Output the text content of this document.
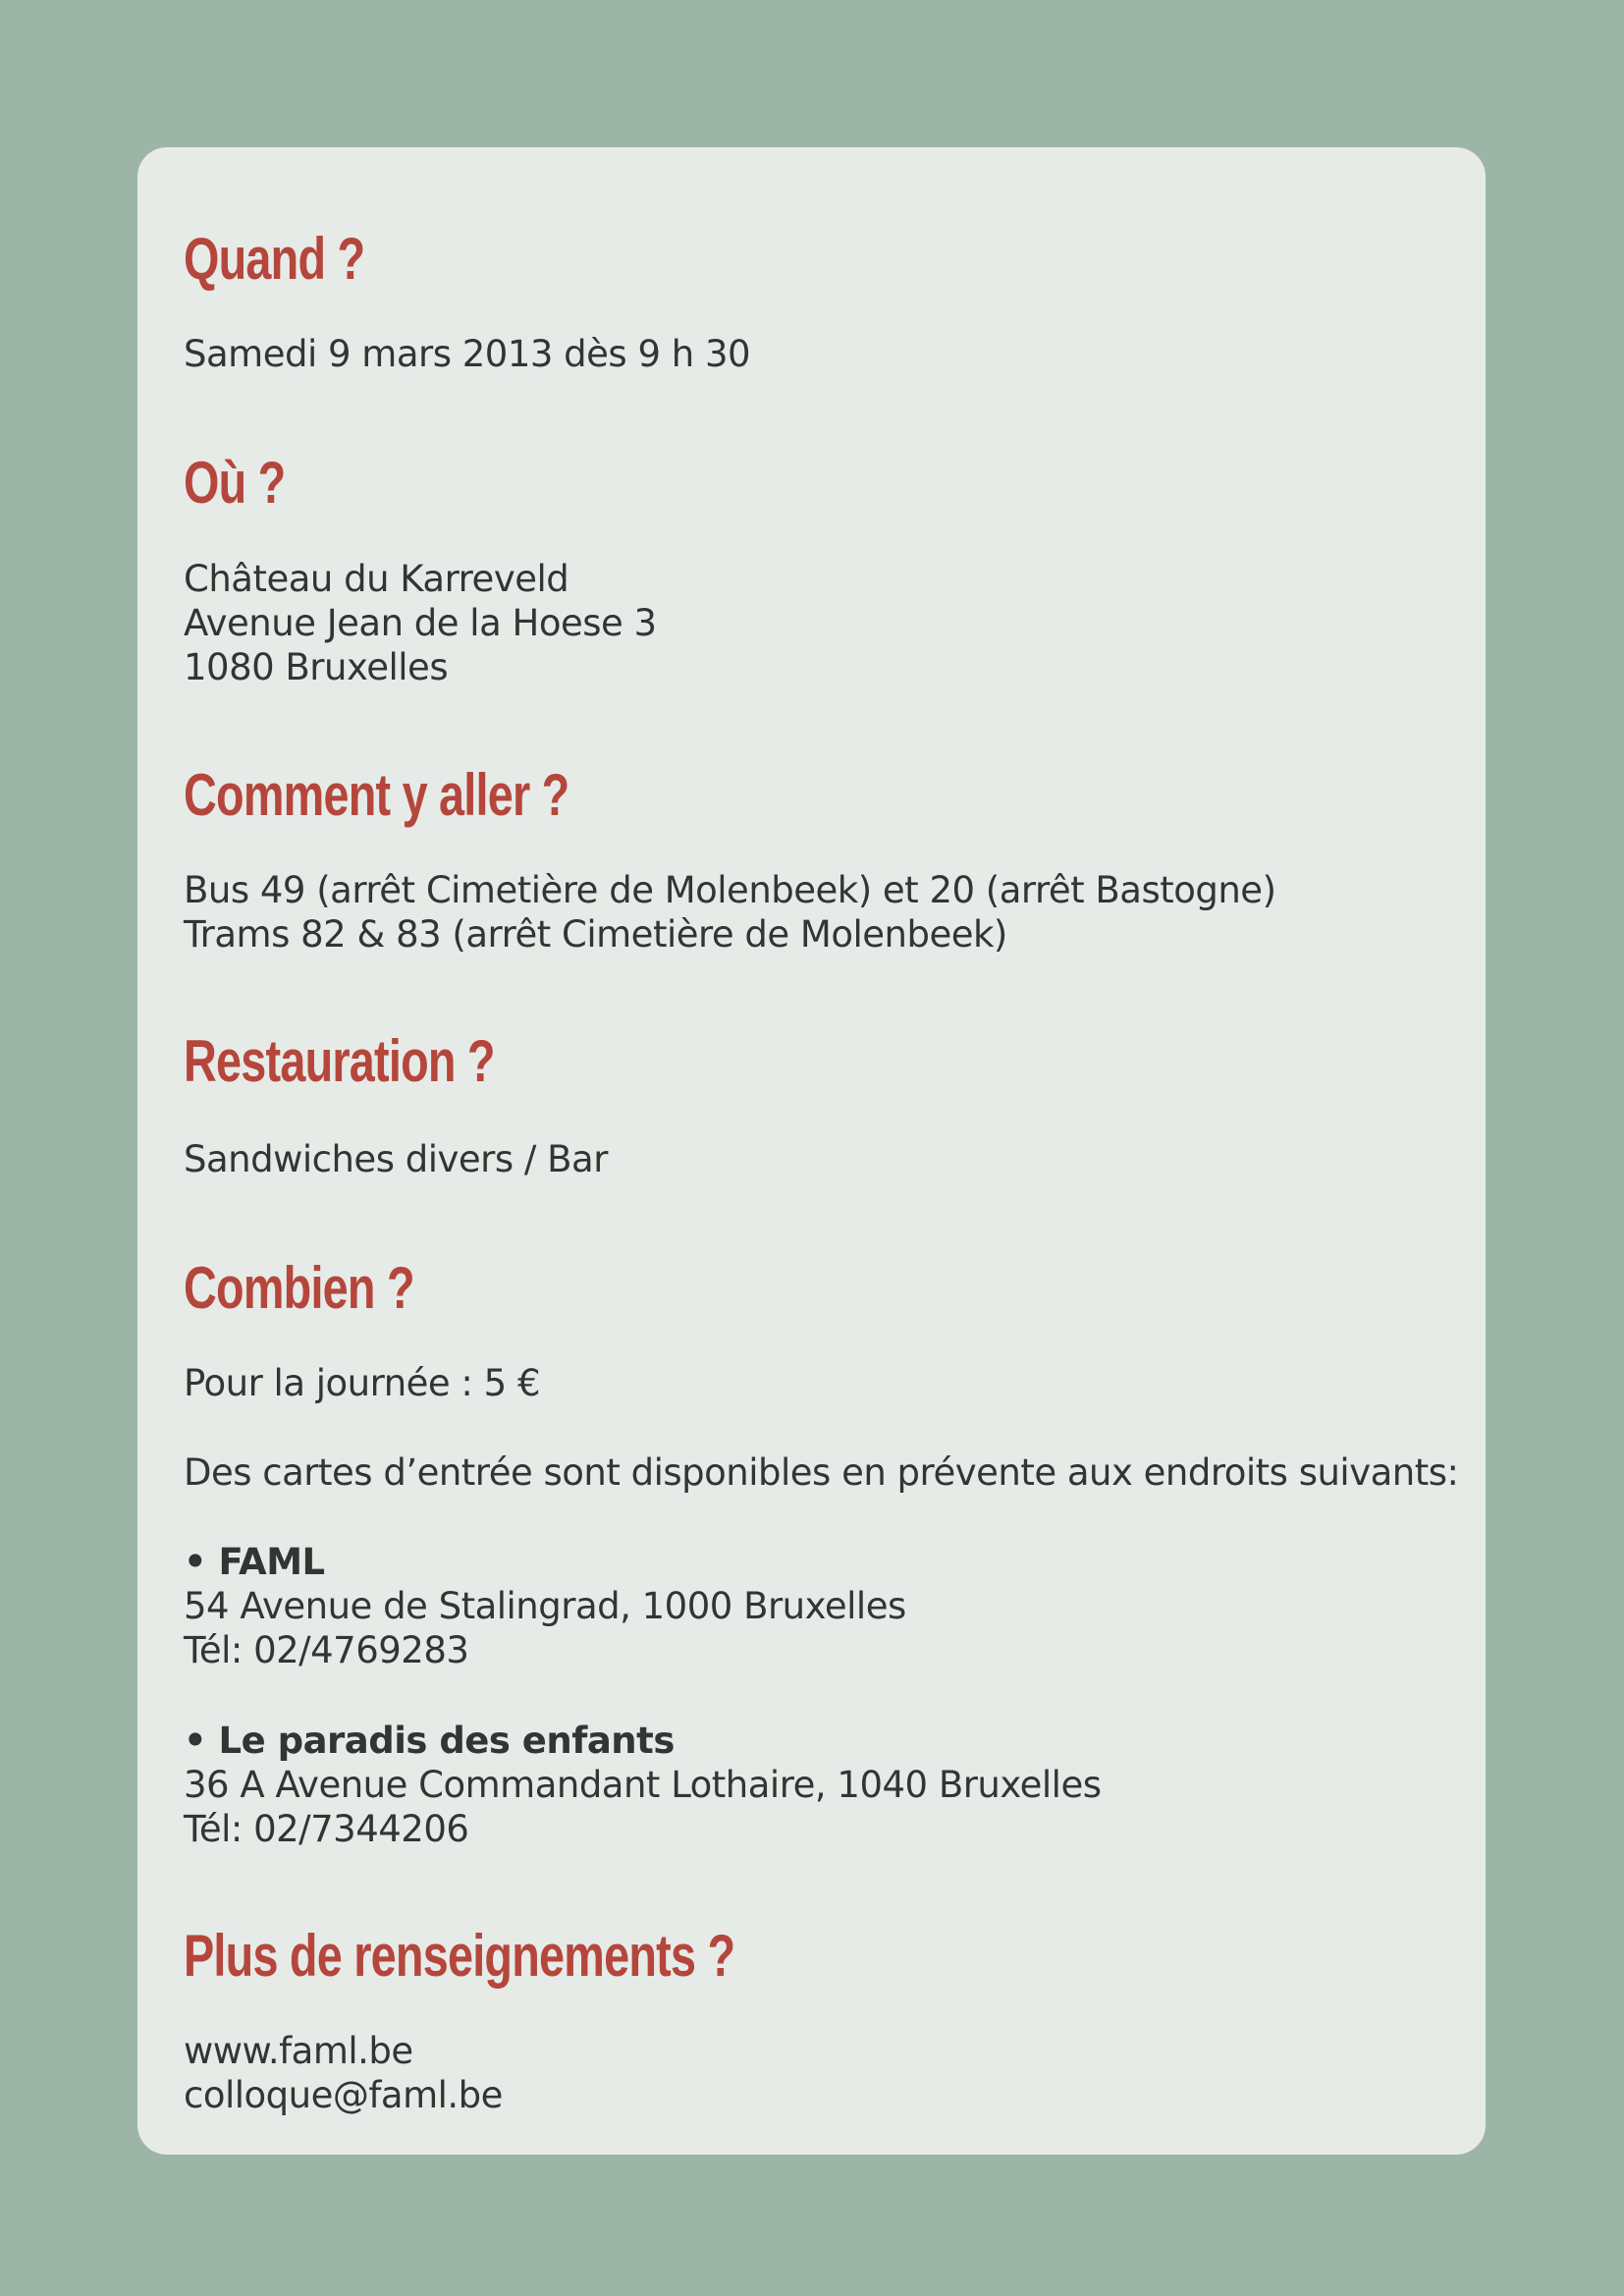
Quand ?

Samedi 9 mars 2013 dès 9 h 30

Où ?

Château du Karreveld
Avenue Jean de la Hoese 3
1080 Bruxelles

Comment y aller ?

Bus 49 (arrêt Cimetière de Molenbeek) et 20 (arrêt Bastogne)
Trams 82 & 83 (arrêt Cimetière de Molenbeek)

Restauration ?

Sandwiches divers / Bar

Combien ?

Pour la journée : 5 €

Des cartes d’entrée sont disponibles en prévente aux endroits suivants:

• FAML
54 Avenue de Stalingrad, 1000 Bruxelles
Tél: 02/4769283

• Le paradis des enfants
36 A Avenue Commandant Lothaire, 1040 Bruxelles
Tél: 02/7344206

Plus de renseignements ?

www.faml.be
colloque@faml.be
